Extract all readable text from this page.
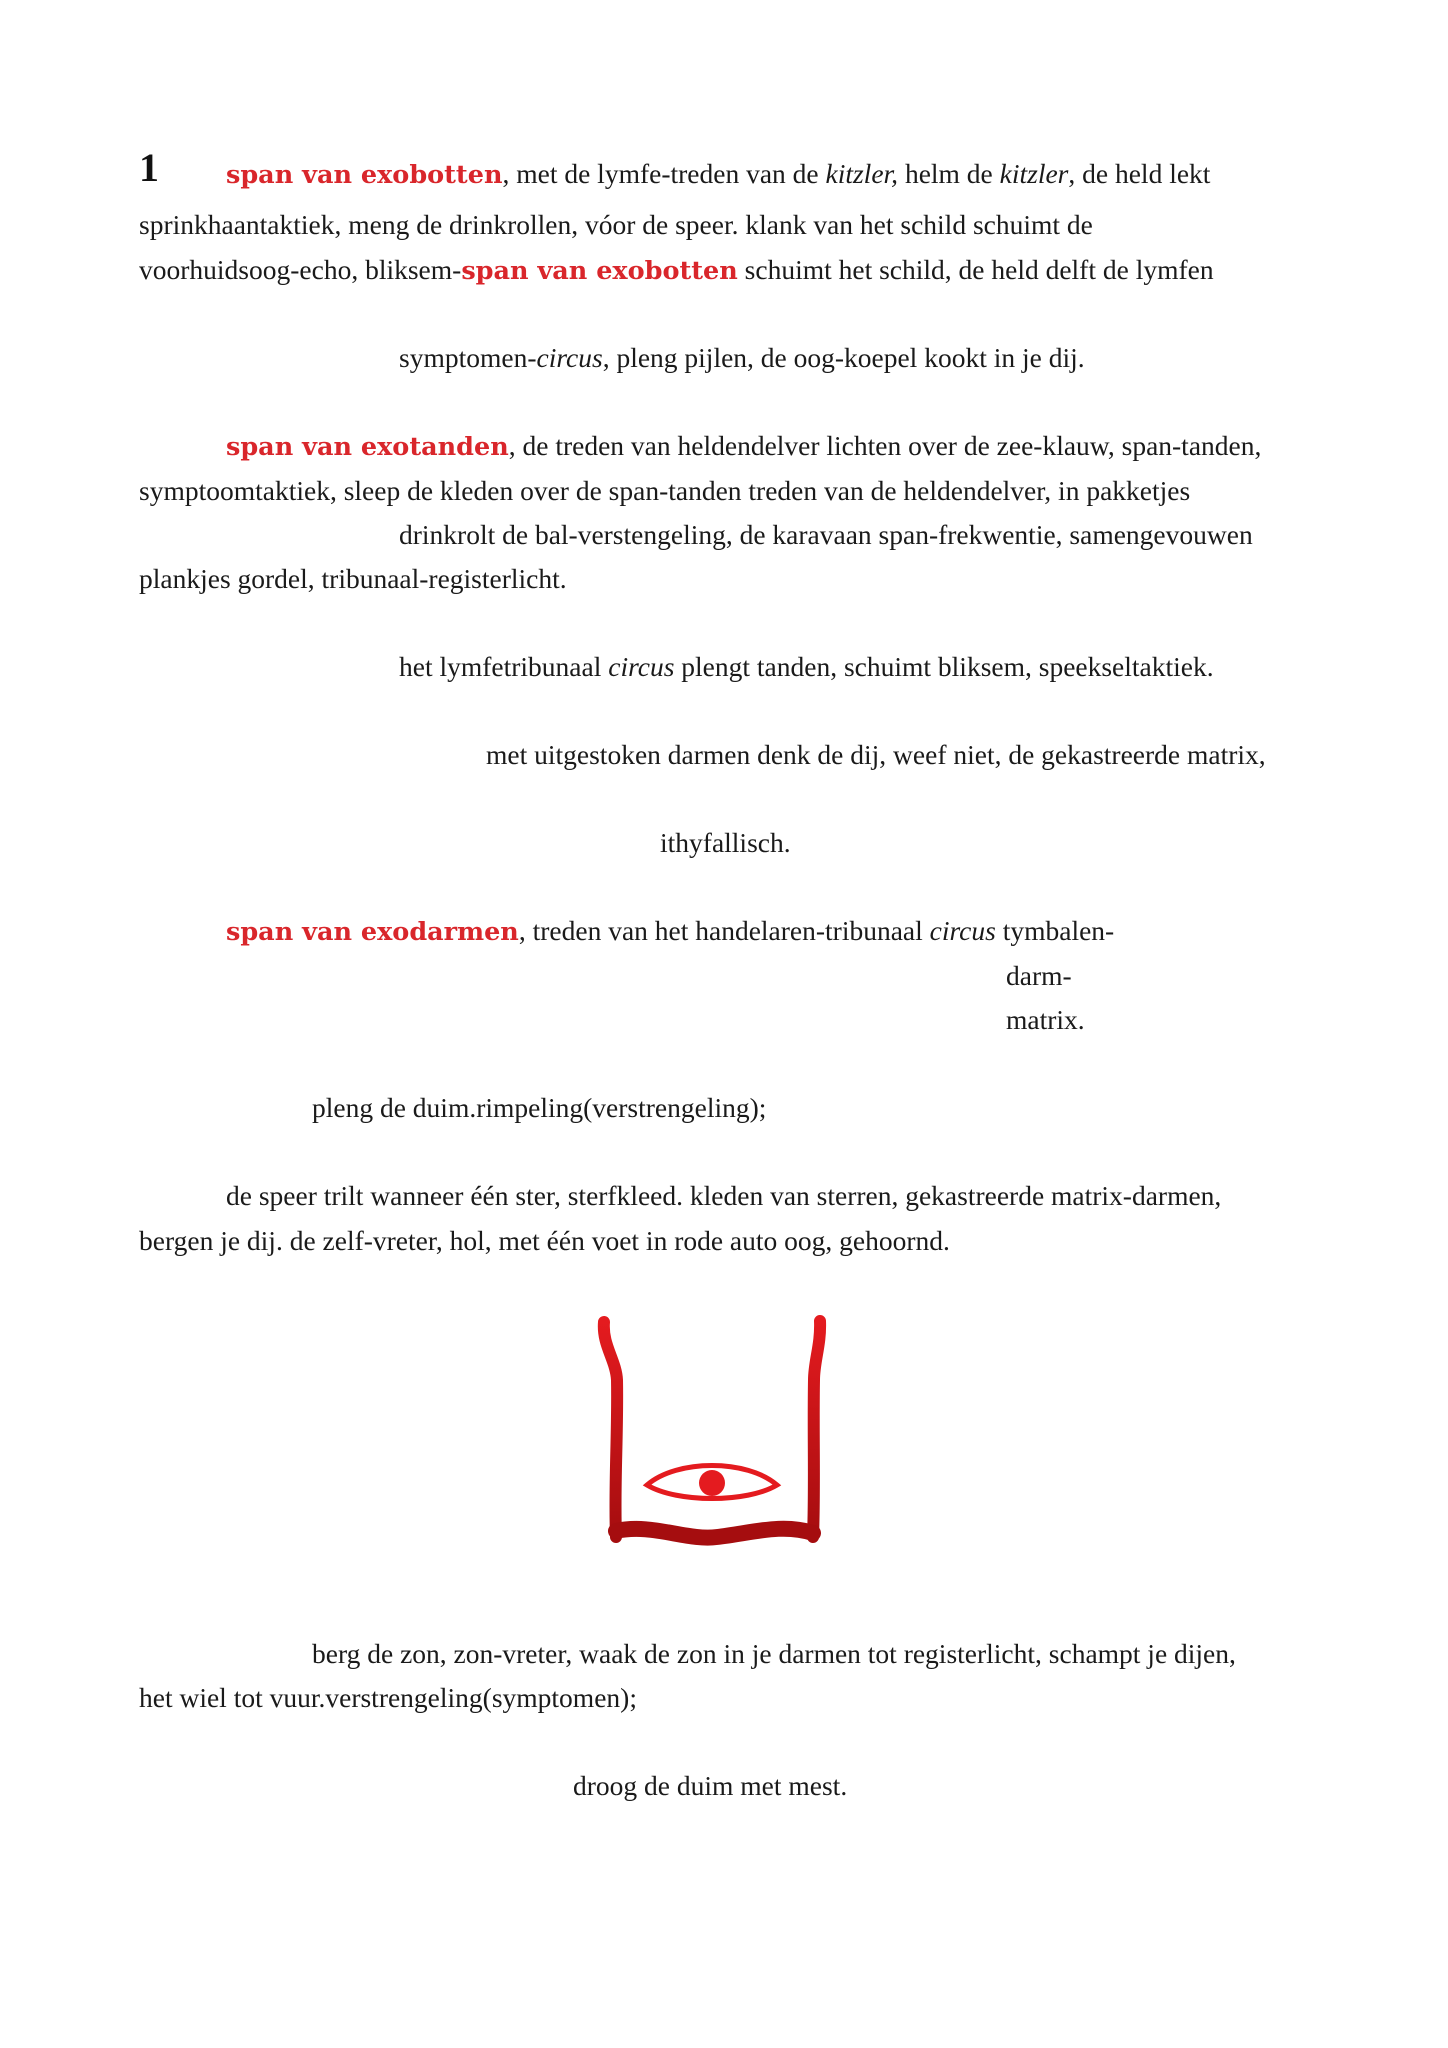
1	span van exobotten, met de lymfe-treden van de kitzler, helm de kitzler, de held lekt
sprinkhaantaktiek, meng de drinkrollen, vóor de speer. klank van het schild schuimt de
voorhuidsoog-echo, bliksem-span van exobotten schuimt het schild, de held delft de lymfen
symptomen-circus, pleng pijlen, de oog-koepel kookt in je dij.
span van exotanden, de treden van heldendelver lichten over de zee-klauw, span-tanden,
symptoomtaktiek, sleep de kleden over de span-tanden treden van de heldendelver, in pakketjes
drinkrolt de bal-verstengeling, de karavaan span-frekwentie, samengevouwen
plankjes gordel, tribunaal-registerlicht.
het lymfetribunaal circus plengt tanden, schuimt bliksem, speekseltaktiek.
met uitgestoken darmen denk de dij, weef niet, de gekastreerde matrix,
ithyfallisch.
span van exodarmen, treden van het handelaren-tribunaal circus tymbalen-
darm-
matrix.
pleng de duim.rimpeling(verstrengeling);
de speer trilt wanneer één ster, sterfkleed. kleden van sterren, gekastreerde matrix-darmen,
bergen je dij. de zelf-vreter, hol, met één voet in rode auto oog, gehoornd.
berg de zon, zon-vreter, waak de zon in je darmen tot registerlicht, schampt je dijen,
het wiel tot vuur.verstrengeling(symptomen);
droog de duim met mest.
